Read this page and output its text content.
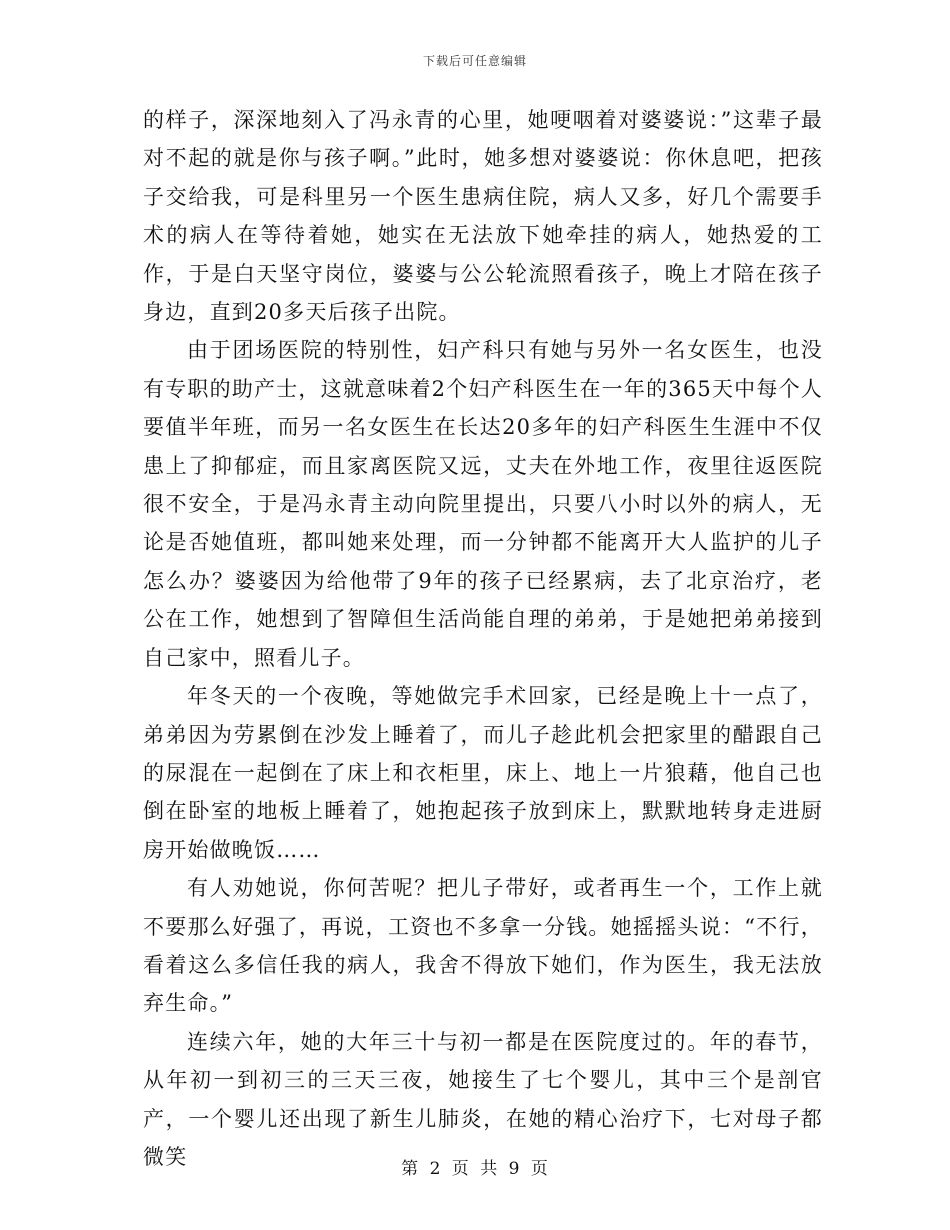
下载后可任意编辑

的样子，深深地刻入了冯永青的心里，她哽咽着对婆婆说：”这辈子最对不起的就是你与孩子啊。”此时，她多想对婆婆说：你休息吧，把孩子交给我，可是科里另一个医生患病住院，病人又多，好几个需要手术的病人在等待着她，她实在无法放下她牵挂的病人，她热爱的工作，于是白天坚守岗位，婆婆与公公轮流照看孩子，晚上才陪在孩子身边，直到20多天后孩子出院。

由于团场医院的特别性，妇产科只有她与另外一名女医生，也没有专职的助产士，这就意味着2个妇产科医生在一年的365天中每个人要值半年班，而另一名女医生在长达20多年的妇产科医生生涯中不仅患上了抑郁症，而且家离医院又远，丈夫在外地工作，夜里往返医院很不安全，于是冯永青主动向院里提出，只要八小时以外的病人，无论是否她值班，都叫她来处理，而一分钟都不能离开大人监护的儿子怎么办？婆婆因为给他带了9年的孩子已经累病，去了北京治疗，老公在工作，她想到了智障但生活尚能自理的弟弟，于是她把弟弟接到自己家中，照看儿子。

年冬天的一个夜晚，等她做完手术回家，已经是晚上十一点了，弟弟因为劳累倒在沙发上睡着了，而儿子趁此机会把家里的醋跟自己的尿混在一起倒在了床上和衣柜里，床上、地上一片狼藉，他自己也倒在卧室的地板上睡着了，她抱起孩子放到床上，默默地转身走进厨房开始做晚饭……

有人劝她说，你何苦呢？把儿子带好，或者再生一个，工作上就不要那么好强了，再说，工资也不多拿一分钱。她摇摇头说：“不行，看着这么多信任我的病人，我舍不得放下她们，作为医生，我无法放弃生命。”

连续六年，她的大年三十与初一都是在医院度过的。年的春节，从年初一到初三的三天三夜，她接生了七个婴儿，其中三个是剖官产，一个婴儿还出现了新生儿肺炎，在她的精心治疗下，七对母子都微笑

第 2 页 共 9 页
